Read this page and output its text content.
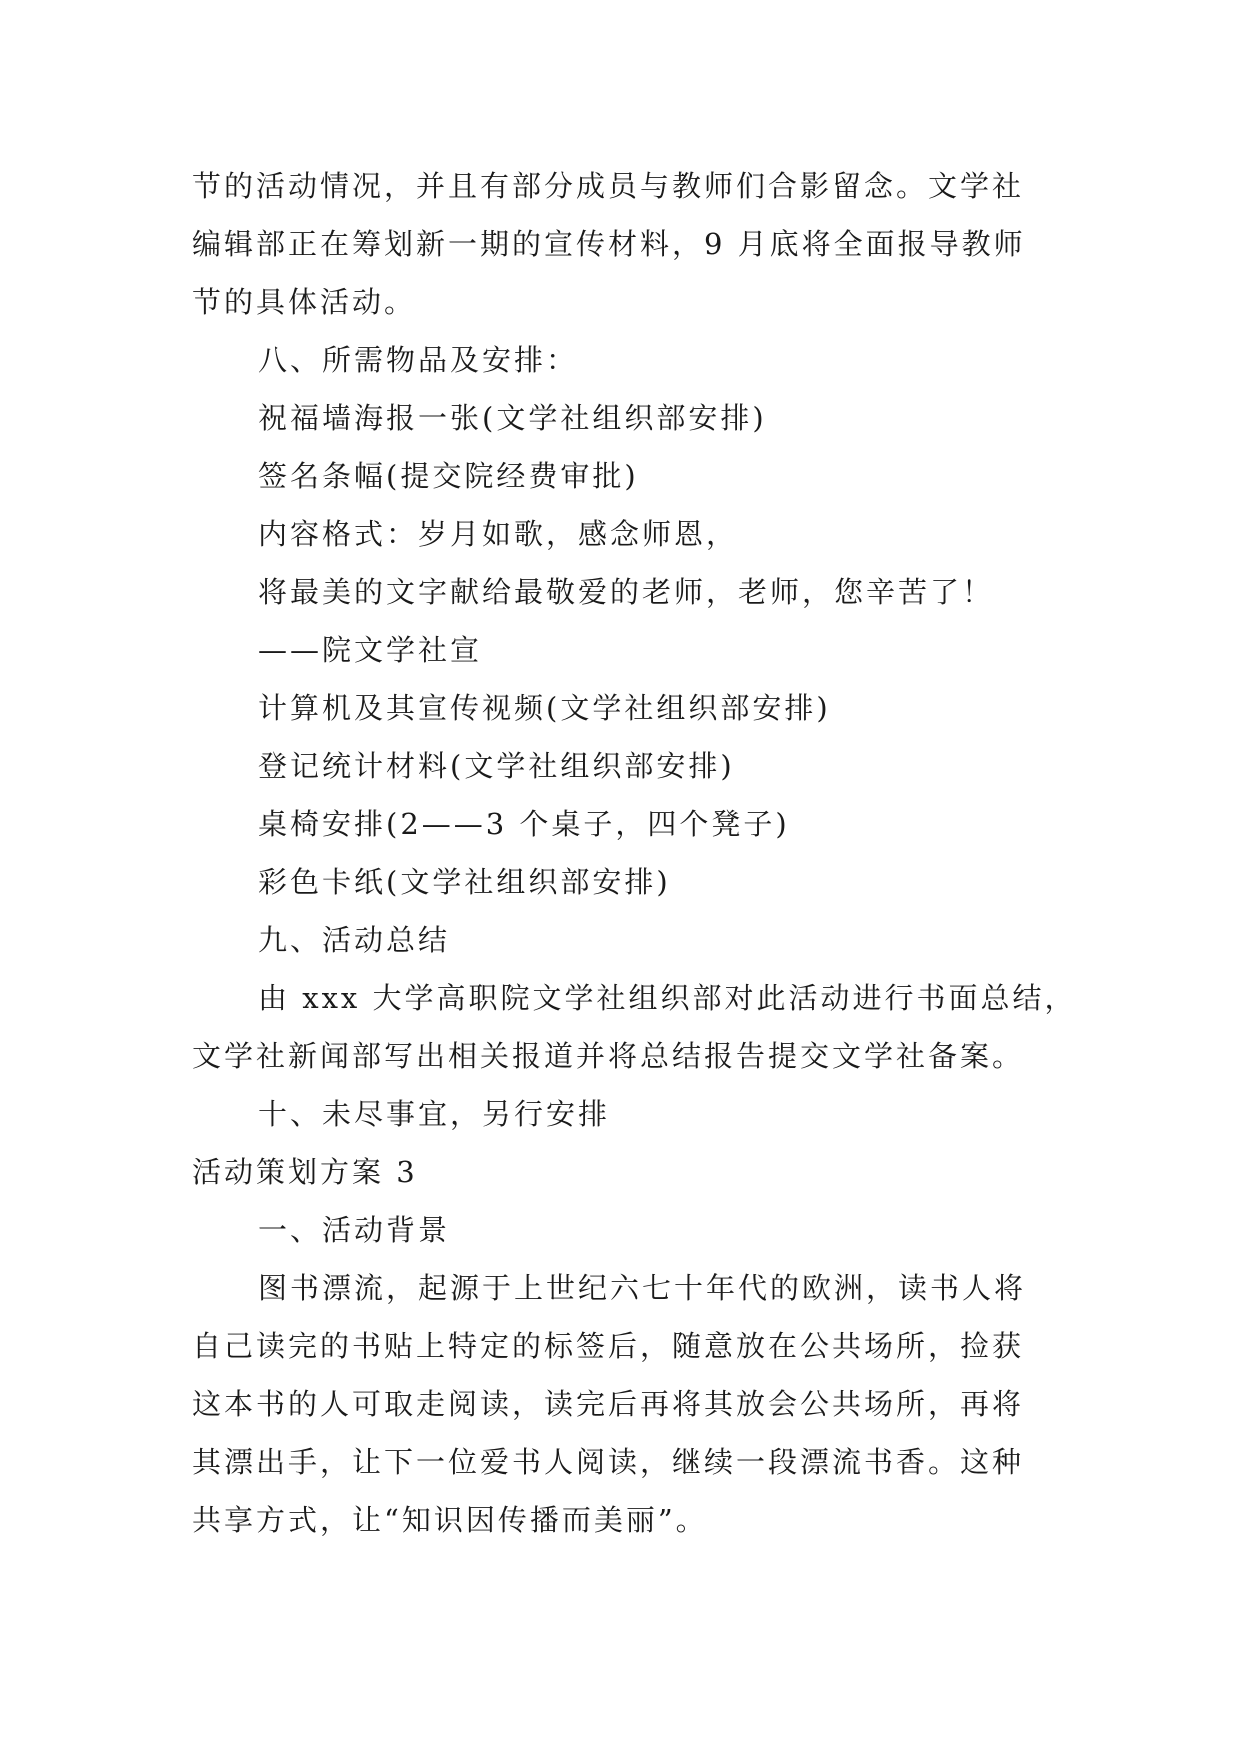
节的活动情况，并且有部分成员与教师们合影留念。文学社
编辑部正在筹划新一期的宣传材料，9 月底将全面报导教师
节的具体活动。
八、所需物品及安排：
祝福墙海报一张(文学社组织部安排)
签名条幅(提交院经费审批)
内容格式：岁月如歌，感念师恩，
将最美的文字献给最敬爱的老师，老师，您辛苦了！
——院文学社宣
计算机及其宣传视频(文学社组织部安排)
登记统计材料(文学社组织部安排)
桌椅安排(2——3 个桌子，四个凳子)
彩色卡纸(文学社组织部安排)
九、活动总结
由 xxx 大学高职院文学社组织部对此活动进行书面总结，
文学社新闻部写出相关报道并将总结报告提交文学社备案。
十、未尽事宜，另行安排
活动策划方案 3
一、活动背景
图书漂流，起源于上世纪六七十年代的欧洲，读书人将
自己读完的书贴上特定的标签后，随意放在公共场所，捡获
这本书的人可取走阅读，读完后再将其放会公共场所，再将
其漂出手，让下一位爱书人阅读，继续一段漂流书香。这种
共享方式，让“知识因传播而美丽”。
